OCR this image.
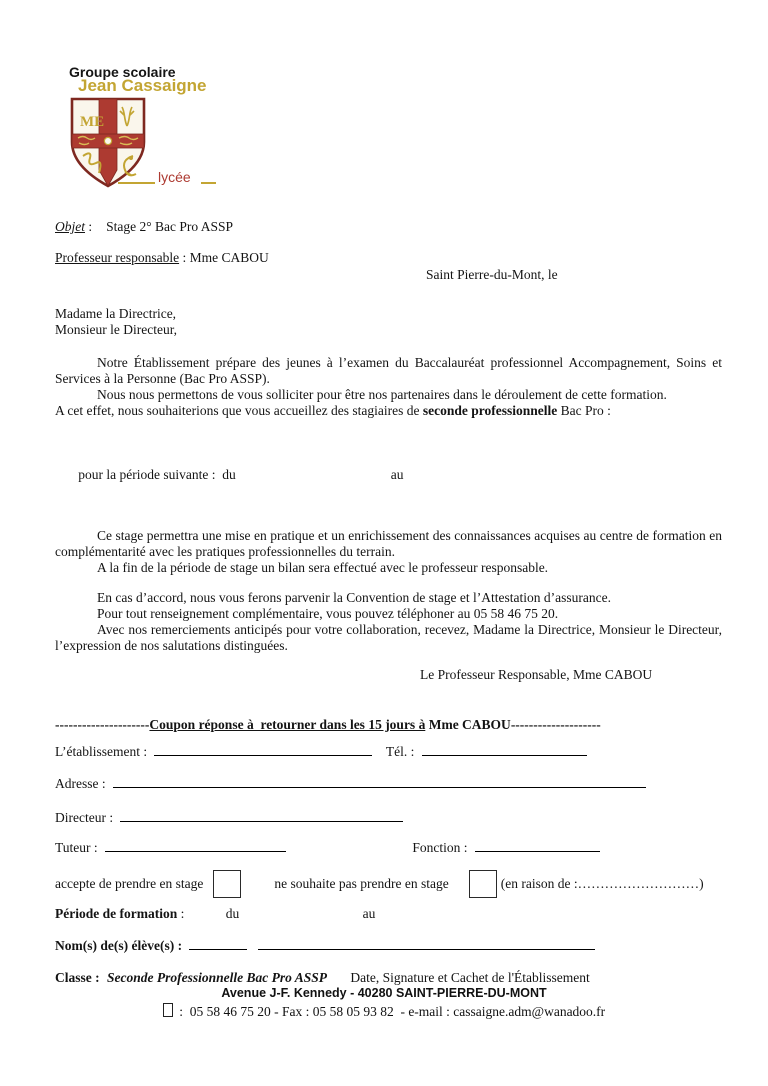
Groupe scolaire
Jean Cassaigne
ME
lycée
Objet : Stage 2° Bac Pro ASSP
Professeur responsable : Mme CABOU
Saint Pierre-du-Mont, le
Madame la Directrice,
Monsieur le Directeur,
Notre Établissement prépare des jeunes à l’examen du Baccalauréat professionnel Accompagnement, Soins et Services à la Personne (Bac Pro ASSP).
Nous nous permettons de vous solliciter pour être nos partenaires dans le déroulement de cette formation.
A cet effet, nous souhaiterions que vous accueillez des stagiaires de seconde professionnelle Bac Pro :

pour la période suivante :  du	au

Ce stage permettra une mise en pratique et un enrichissement des connaissances acquises au centre de formation en complémentarité avec les pratiques professionnelles du terrain.
A la fin de la période de stage un bilan sera effectué avec le professeur responsable.
En cas d’accord, nous vous ferons parvenir la Convention de stage et l’Attestation d’assurance.
Pour tout renseignement complémentaire, vous pouvez téléphoner au 05 58 46 75 20.
Avec nos remerciements anticipés pour votre collaboration, recevez, Madame la Directrice, Monsieur le Directeur, l’expression de nos salutations distinguées.
Le Professeur Responsable, Mme CABOU
---------------------Coupon réponse à  retourner dans les 15 jours à Mme CABOU--------------------
L’établissement :	Tél. :
Adresse :
Directeur :
Tuteur :	Fonction :
accepte de prendre en stage	ne souhaite pas prendre en stage	(en raison de :………………………)
Période de formation :	du	au
Nom(s) de(s) élève(s) :
Classe : Seconde Professionnelle Bac Pro ASSP Date, Signature et Cachet de l'Établissement
Avenue J-F. Kennedy - 40280 SAINT-PIERRE-DU-MONT
:  05 58 46 75 20 - Fax : 05 58 05 93 82  - e-mail : cassaigne.adm@wanadoo.fr
